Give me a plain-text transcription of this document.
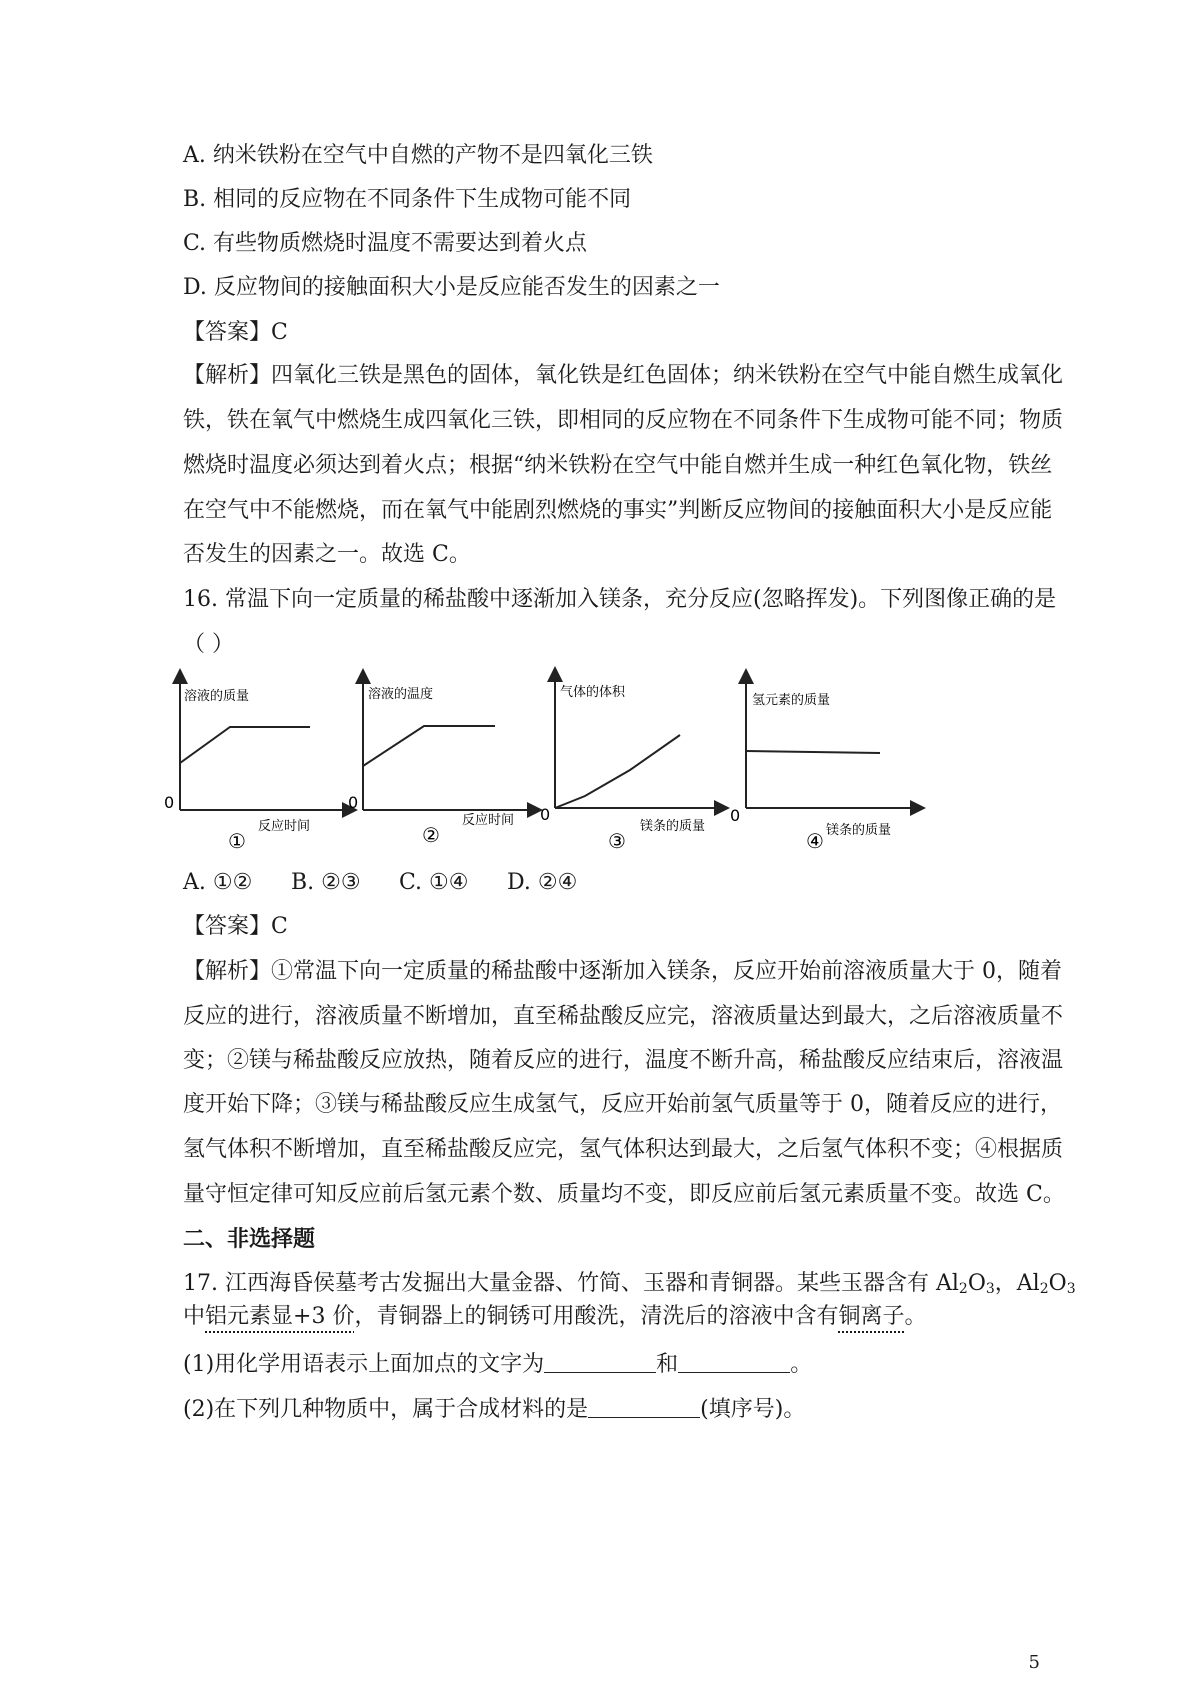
A. 纳米铁粉在空气中自燃的产物不是四氧化三铁
B. 相同的反应物在不同条件下生成物可能不同
C. 有些物质燃烧时温度不需要达到着火点
D. 反应物间的接触面积大小是反应能否发生的因素之一
【答案】C
【解析】四氧化三铁是黑色的固体，氧化铁是红色固体；纳米铁粉在空气中能自燃生成氧化
铁，铁在氧气中燃烧生成四氧化三铁，即相同的反应物在不同条件下生成物可能不同；物质
燃烧时温度必须达到着火点；根据“纳米铁粉在空气中能自燃并生成一种红色氧化物，铁丝
在空气中不能燃烧，而在氧气中能剧烈燃烧的事实”判断反应物间的接触面积大小是反应能
否发生的因素之一。故选 C。
16. 常温下向一定质量的稀盐酸中逐渐加入镁条，充分反应(忽略挥发)。下列图像正确的是
（ ）
溶液的质量
0
反应时间
①
溶液的温度
0
反应时间
②
气体的体积
0
镁条的质量
③
氢元素的质量
0
镁条的质量
④
A. ①② B. ②③ C. ①④ D. ②④
【答案】C
【解析】①常温下向一定质量的稀盐酸中逐渐加入镁条，反应开始前溶液质量大于 0，随着
反应的进行，溶液质量不断增加，直至稀盐酸反应完，溶液质量达到最大，之后溶液质量不
变；②镁与稀盐酸反应放热，随着反应的进行，温度不断升高，稀盐酸反应结束后，溶液温
度开始下降；③镁与稀盐酸反应生成氢气，反应开始前氢气质量等于 0，随着反应的进行，
氢气体积不断增加，直至稀盐酸反应完，氢气体积达到最大，之后氢气体积不变；④根据质
量守恒定律可知反应前后氢元素个数、质量均不变，即反应前后氢元素质量不变。故选 C。
二、非选择题
17. 江西海昏侯墓考古发掘出大量金器、竹简、玉器和青铜器。某些玉器含有 $Al_2O_3$，$Al_2O_3$
中铝元素显+3 价，青铜器上的铜锈可用酸洗，清洗后的溶液中含有铜离子。
(1)用化学用语表示上面加点的文字为	和	。
(2)在下列几种物质中，属于合成材料的是	(填序号)。
5
